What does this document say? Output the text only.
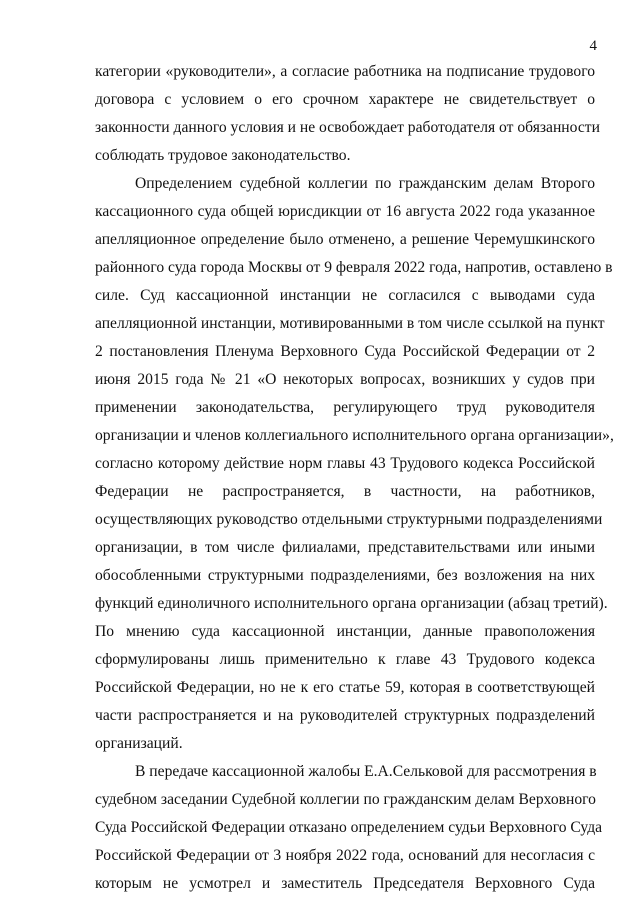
4
категории «руководители», а согласие работника на подписание трудового
договора с условием о его срочном характере не свидетельствует о
законности данного условия и не освобождает работодателя от обязанности
соблюдать трудовое законодательство.
Определением судебной коллегии по гражданским делам Второго
кассационного суда общей юрисдикции от 16 августа 2022 года указанное
апелляционное определение было отменено, а решение Черемушкинского
районного суда города Москвы от 9 февраля 2022 года, напротив, оставлено в
силе. Суд кассационной инстанции не согласился с выводами суда
апелляционной инстанции, мотивированными в том числе ссылкой на пункт
2 постановления Пленума Верховного Суда Российской Федерации от 2
июня 2015 года № 21 «О некоторых вопросах, возникших у судов при
применении законодательства, регулирующего труд руководителя
организации и членов коллегиального исполнительного органа организации»,
согласно которому действие норм главы 43 Трудового кодекса Российской
Федерации не распространяется, в частности, на работников,
осуществляющих руководство отдельными структурными подразделениями
организации, в том числе филиалами, представительствами или иными
обособленными структурными подразделениями, без возложения на них
функций единоличного исполнительного органа организации (абзац третий).
По мнению суда кассационной инстанции, данные правоположения
сформулированы лишь применительно к главе 43 Трудового кодекса
Российской Федерации, но не к его статье 59, которая в соответствующей
части распространяется и на руководителей структурных подразделений
организаций.
В передаче кассационной жалобы Е.А.Сельковой для рассмотрения в
судебном заседании Судебной коллегии по гражданским делам Верховного
Суда Российской Федерации отказано определением судьи Верховного Суда
Российской Федерации от 3 ноября 2022 года, оснований для несогласия с
которым не усмотрел и заместитель Председателя Верховного Суда
